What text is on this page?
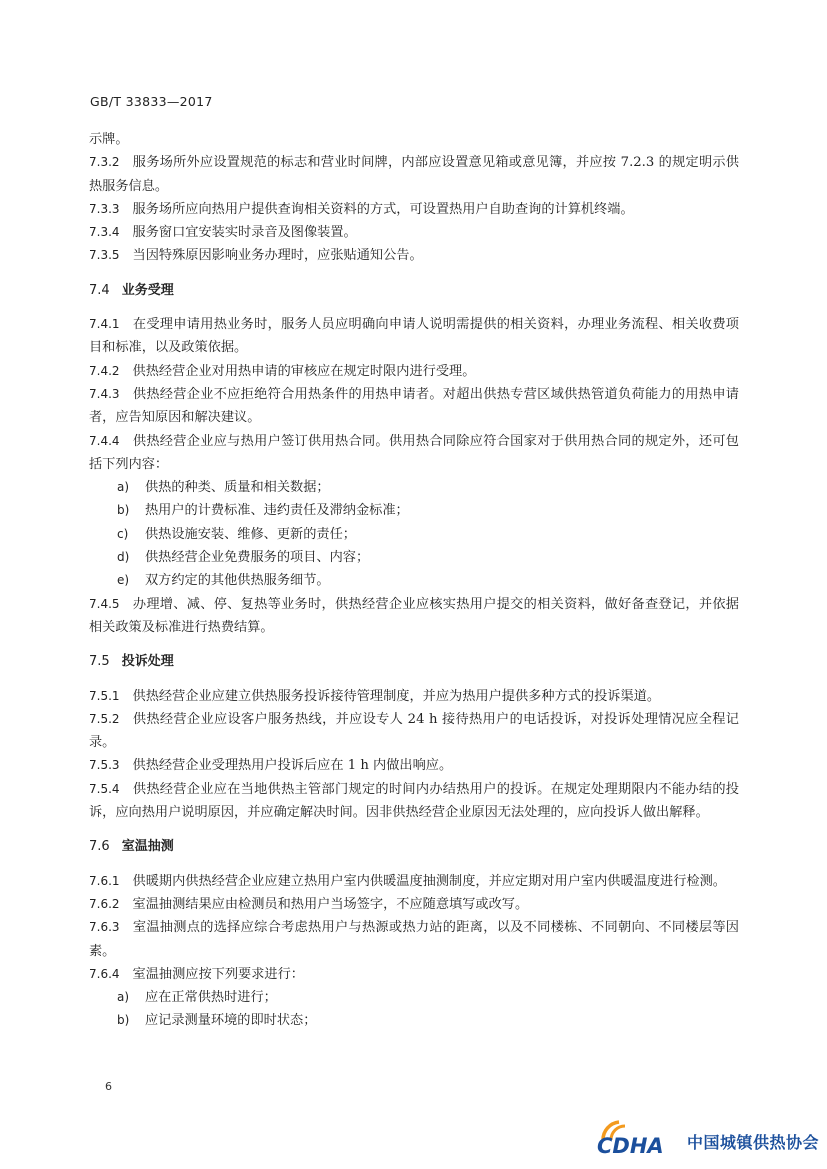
GB/T 33833—2017
示牌。
7.3.2 服务场所外应设置规范的标志和营业时间牌，内部应设置意见箱或意见簿，并应按 7.2.3 的规定明示供热服务信息。
7.3.3 服务场所应向热用户提供查询相关资料的方式，可设置热用户自助查询的计算机终端。
7.3.4 服务窗口宜安装实时录音及图像装置。
7.3.5 当因特殊原因影响业务办理时，应张贴通知公告。
7.4 业务受理
7.4.1 在受理申请用热业务时，服务人员应明确向申请人说明需提供的相关资料，办理业务流程、相关收费项目和标准，以及政策依据。
7.4.2 供热经营企业对用热申请的审核应在规定时限内进行受理。
7.4.3 供热经营企业不应拒绝符合用热条件的用热申请者。对超出供热专营区域供热管道负荷能力的用热申请者，应告知原因和解决建议。
7.4.4 供热经营企业应与热用户签订供用热合同。供用热合同除应符合国家对于供用热合同的规定外，还可包括下列内容：
a) 供热的种类、质量和相关数据；
b) 热用户的计费标准、违约责任及滞纳金标准；
c) 供热设施安装、维修、更新的责任；
d) 供热经营企业免费服务的项目、内容；
e) 双方约定的其他供热服务细节。
7.4.5 办理增、减、停、复热等业务时，供热经营企业应核实热用户提交的相关资料，做好备查登记，并依据相关政策及标准进行热费结算。
7.5 投诉处理
7.5.1 供热经营企业应建立供热服务投诉接待管理制度，并应为热用户提供多种方式的投诉渠道。
7.5.2 供热经营企业应设客户服务热线，并应设专人 24 h 接待热用户的电话投诉，对投诉处理情况应全程记录。
7.5.3 供热经营企业受理热用户投诉后应在 1 h 内做出响应。
7.5.4 供热经营企业应在当地供热主管部门规定的时间内办结热用户的投诉。在规定处理期限内不能办结的投诉，应向热用户说明原因，并应确定解决时间。因非供热经营企业原因无法处理的，应向投诉人做出解释。
7.6 室温抽测
7.6.1 供暖期内供热经营企业应建立热用户室内供暖温度抽测制度，并应定期对用户室内供暖温度进行检测。
7.6.2 室温抽测结果应由检测员和热用户当场签字，不应随意填写或改写。
7.6.3 室温抽测点的选择应综合考虑热用户与热源或热力站的距离，以及不同楼栋、不同朝向、不同楼层等因素。
7.6.4 室温抽测应按下列要求进行：
a) 应在正常供热时进行；
b) 应记录测量环境的即时状态；
6
CDHA 中国城镇供热协会
